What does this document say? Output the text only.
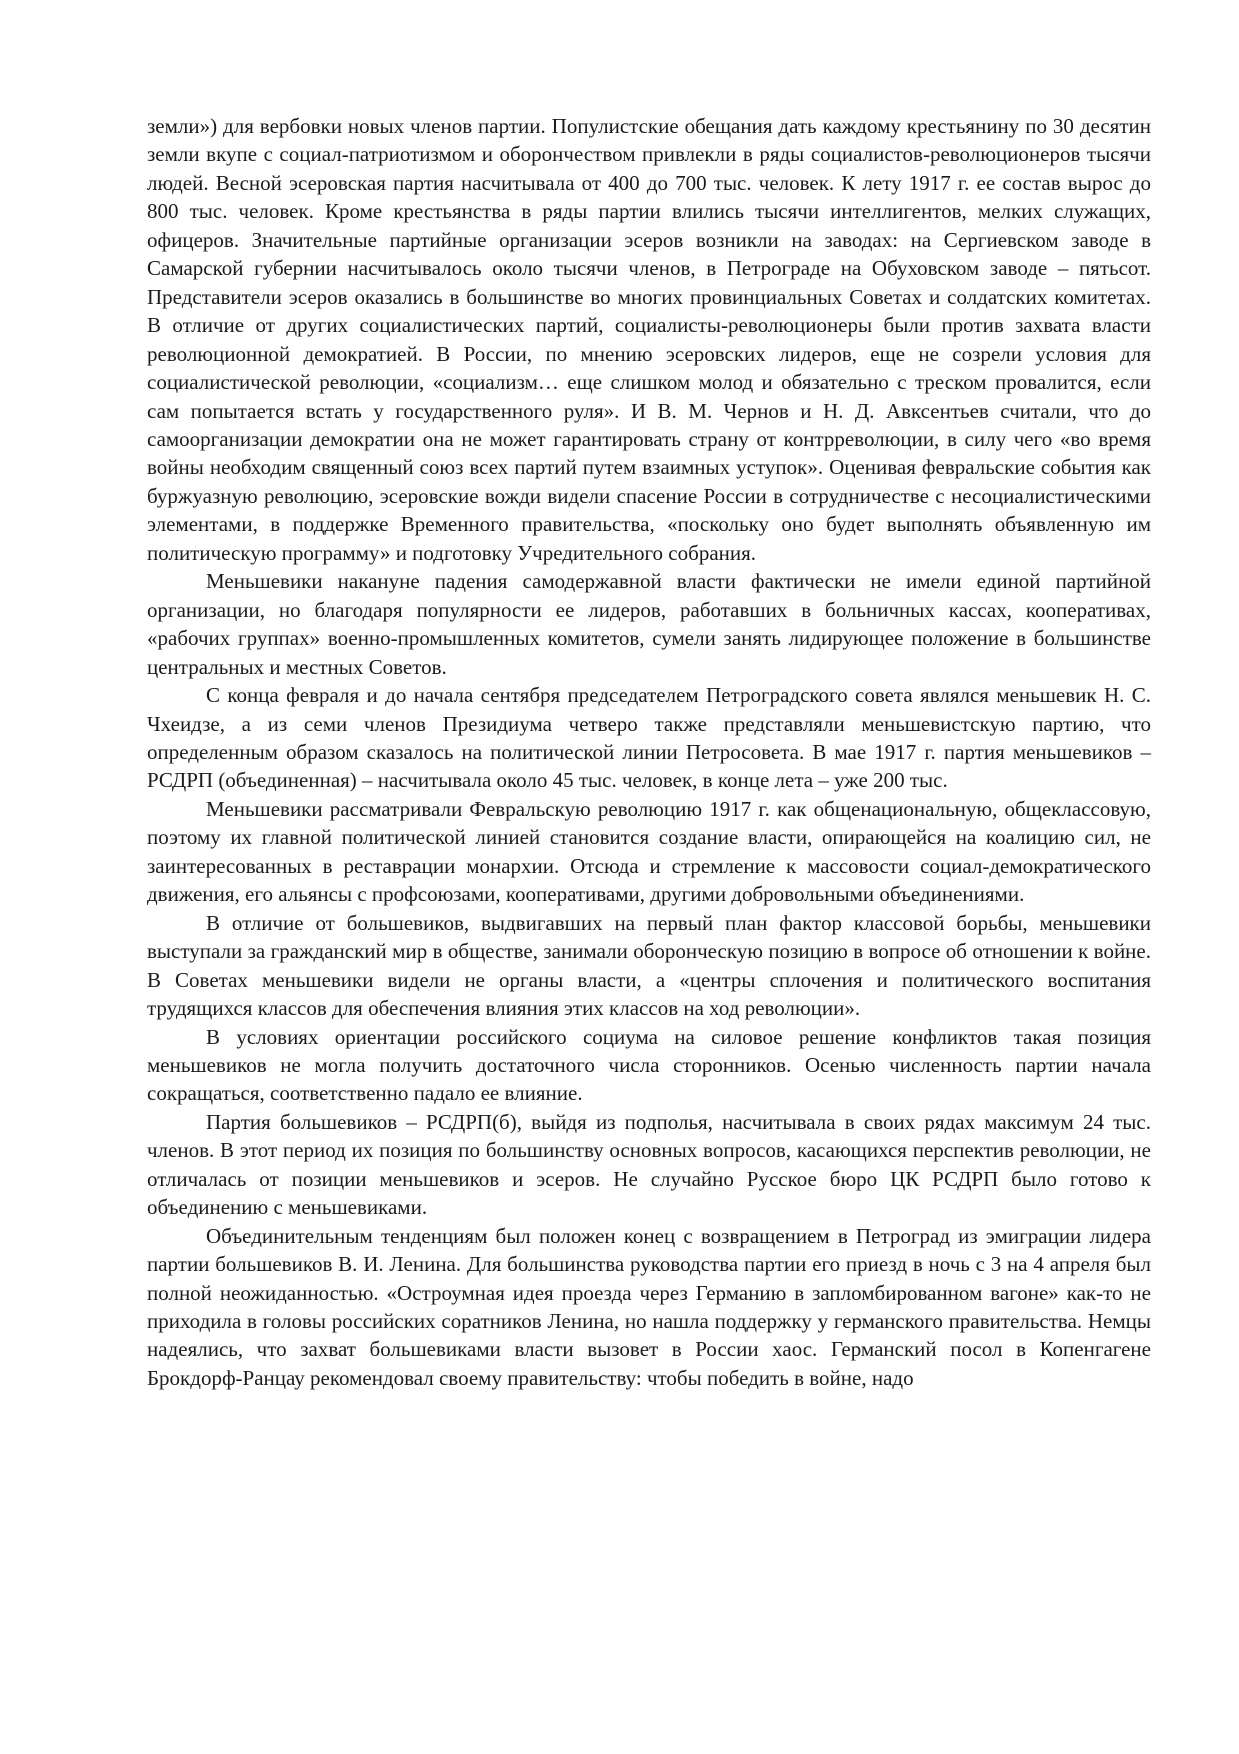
земли») для вербовки новых членов партии. Популистские обещания дать каждому крестьянину по 30 десятин земли вкупе с социал-патриотизмом и оборончеством привлекли в ряды социалистов-революционеров тысячи людей. Весной эсеровская партия насчитывала от 400 до 700 тыс. человек. К лету 1917 г. ее состав вырос до 800 тыс. человек. Кроме крестьянства в ряды партии влились тысячи интеллигентов, мелких служащих, офицеров. Значительные партийные организации эсеров возникли на заводах: на Сергиевском заводе в Самарской губернии насчитывалось около тысячи членов, в Петрограде на Обуховском заводе – пятьсот. Представители эсеров оказались в большинстве во многих провинциальных Советах и солдатских комитетах. В отличие от других социалистических партий, социалисты-революционеры были против захвата власти революционной демократией. В России, по мнению эсеровских лидеров, еще не созрели условия для социалистической революции, «социализм… еще слишком молод и обязательно с треском провалится, если сам попытается встать у государственного руля». И В. М. Чернов и Н. Д. Авксентьев считали, что до самоорганизации демократии она не может гарантировать страну от контрреволюции, в силу чего «во время войны необходим священный союз всех партий путем взаимных уступок». Оценивая февральские события как буржуазную революцию, эсеровские вожди видели спасение России в сотрудничестве с несоциалистическими элементами, в поддержке Временного правительства, «поскольку оно будет выполнять объявленную им политическую программу» и подготовку Учредительного собрания.

Меньшевики накануне падения самодержавной власти фактически не имели единой партийной организации, но благодаря популярности ее лидеров, работавших в больничных кассах, кооперативах, «рабочих группах» военно-промышленных комитетов, сумели занять лидирующее положение в большинстве центральных и местных Советов.

С конца февраля и до начала сентября председателем Петроградского совета являлся меньшевик Н. С. Чхеидзе, а из семи членов Президиума четверо также представляли меньшевистскую партию, что определенным образом сказалось на политической линии Петросовета. В мае 1917 г. партия меньшевиков – РСДРП (объединенная) – насчитывала около 45 тыс. человек, в конце лета – уже 200 тыс.

Меньшевики рассматривали Февральскую революцию 1917 г. как общенациональную, общеклассовую, поэтому их главной политической линией становится создание власти, опирающейся на коалицию сил, не заинтересованных в реставрации монархии. Отсюда и стремление к массовости социал-демократического движения, его альянсы с профсоюзами, кооперативами, другими добровольными объединениями.

В отличие от большевиков, выдвигавших на первый план фактор классовой борьбы, меньшевики выступали за гражданский мир в обществе, занимали оборонческую позицию в вопросе об отношении к войне. В Советах меньшевики видели не органы власти, а «центры сплочения и политического воспитания трудящихся классов для обеспечения влияния этих классов на ход революции».

В условиях ориентации российского социума на силовое решение конфликтов такая позиция меньшевиков не могла получить достаточного числа сторонников. Осенью численность партии начала сокращаться, соответственно падало ее влияние.

Партия большевиков – РСДРП(б), выйдя из подполья, насчитывала в своих рядах максимум 24 тыс. членов. В этот период их позиция по большинству основных вопросов, касающихся перспектив революции, не отличалась от позиции меньшевиков и эсеров. Не случайно Русское бюро ЦК РСДРП было готово к объединению с меньшевиками.

Объединительным тенденциям был положен конец с возвращением в Петроград из эмиграции лидера партии большевиков В. И. Ленина. Для большинства руководства партии его приезд в ночь с 3 на 4 апреля был полной неожиданностью. «Остроумная идея проезда через Германию в запломбированном вагоне» как-то не приходила в головы российских соратников Ленина, но нашла поддержку у германского правительства. Немцы надеялись, что захват большевиками власти вызовет в России хаос. Германский посол в Копенгагене Брокдорф-Ранцау рекомендовал своему правительству: чтобы победить в войне, надо
